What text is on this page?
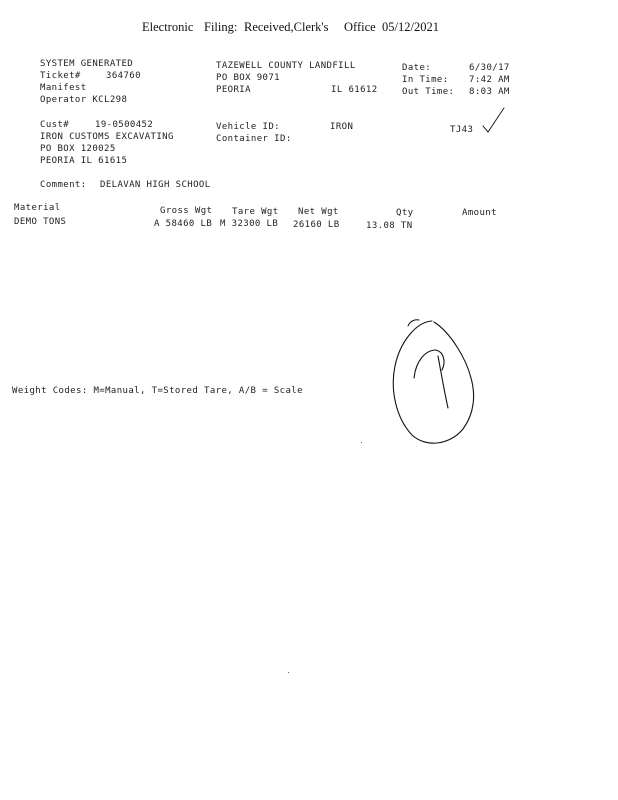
Electronic Filing: Received,Clerk's Office 05/12/2021
SYSTEM GENERATED
Ticket#	364760
Manifest
Operator KCL298
TAZEWELL COUNTY LANDFILL
PO BOX 9071
PEORIA	IL 61612
Date:	6/30/17
In Time: 7:42 AM
Out Time: 8:03 AM
Cust#	19-0500452
IRON CUSTOMS EXCAVATING
PO BOX 120025
PEORIA IL 61615
Vehicle ID:	IRON
Container ID:
TJ43
Comment: DELAVAN HIGH SCHOOL
Material	Gross Wgt Tare Wgt Net Wgt	Qty	Amount
DEMO TONS	A 58460 LB M 32300 LB 26160 LB	13.08 TN
Weight Codes: M=Manual, T=Stored Tare, A/B = Scale
